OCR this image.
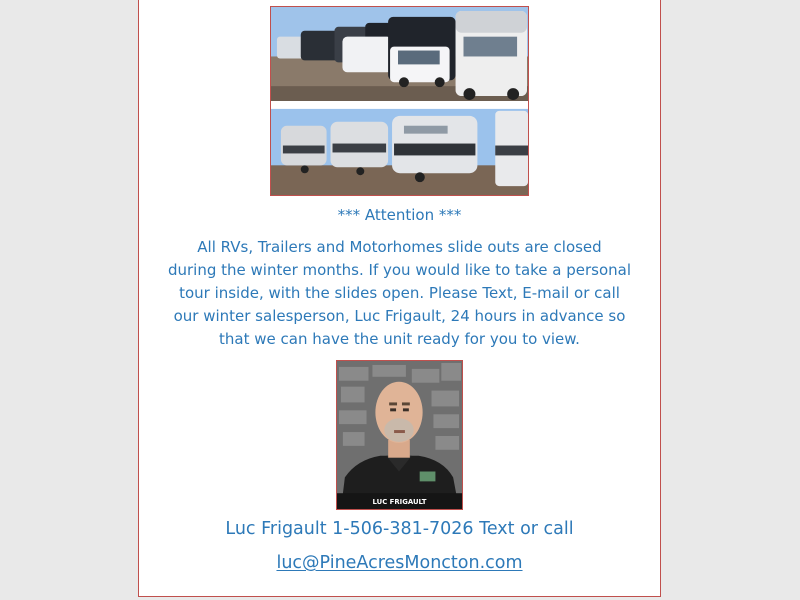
*** Attention ***
All RVs, Trailers and Motorhomes slide outs are closed
during the winter months. If you would like to take a personal
tour inside, with the slides open. Please Text, E-mail or call
our winter salesperson, Luc Frigault, 24 hours in advance so
that we can have the unit ready for you to view.
LUC FRIGAULT
Luc Frigault 1-506-381-7026 Text or call
luc@PineAcresMoncton.com
